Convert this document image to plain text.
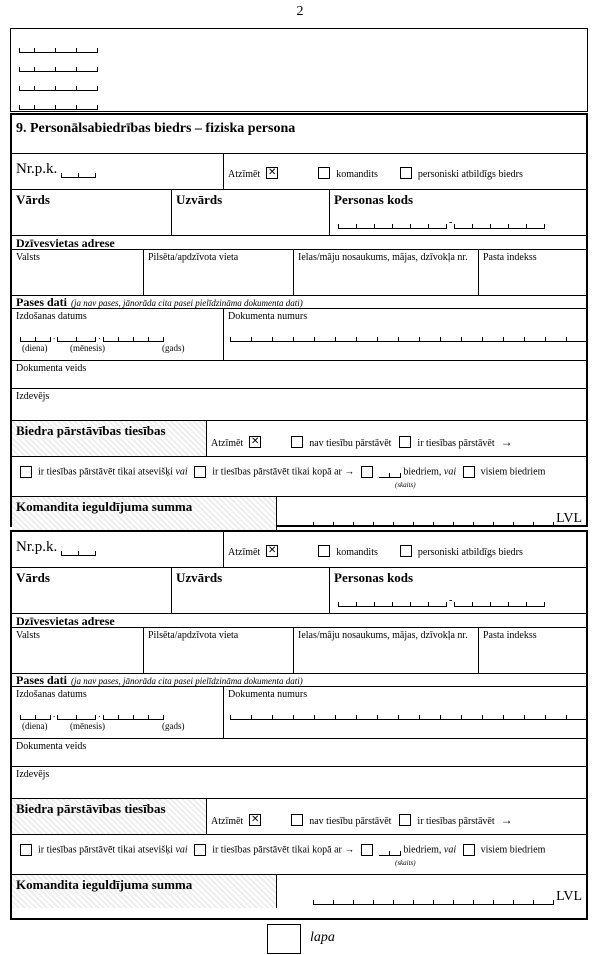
2
9. Personālsabiedrības biedrs – fiziska persona
Nr.p.k.	Atzīmēt ✕	komandits	personiski atbildīgs biedrs
Vārds	Uzvārds	Personas kods
-
Dzīvesvietas adrese
Valsts	Pilsēta/apdzīvota vieta	Ielas/māju nosaukums, mājas, dzīvokļa nr.	Pasta indekss
Pases dati (ja nav pases, jānorāda cita pasei pielīdzināma dokumenta dati)
Izdošanas datums
.	.
(diena)	(mēnesis)	(gads)
Dokumenta numurs
Dokumenta veids
Izdevējs
Biedra pārstāvības tiesības
Atzīmēt ✕	nav tiesību pārstāvēt	ir tiesības pārstāvēt →
ir tiesības pārstāvēt tikai atsevišķi vai ir tiesības pārstāvēt tikai kopā ar →	biedriem, vai visiem biedriem
(skaits)
Komandita ieguldījuma summa
LVL
Nr.p.k.	Atzīmēt ✕	komandits	personiski atbildīgs biedrs
Vārds	Uzvārds	Personas kods
-
Dzīvesvietas adrese
Valsts	Pilsēta/apdzīvota vieta	Ielas/māju nosaukums, mājas, dzīvokļa nr.	Pasta indekss
Pases dati (ja nav pases, jānorāda cita pasei pielīdzināma dokumenta dati)
Izdošanas datums
.	.
(diena)	(mēnesis)	(gads)
Dokumenta numurs
Dokumenta veids
Izdevējs
Biedra pārstāvības tiesības
Atzīmēt ✕	nav tiesību pārstāvēt	ir tiesības pārstāvēt →
ir tiesības pārstāvēt tikai atsevišķi vai ir tiesības pārstāvēt tikai kopā ar →	biedriem, vai visiem biedriem
(skaits)
Komandita ieguldījuma summa
LVL
lapa
